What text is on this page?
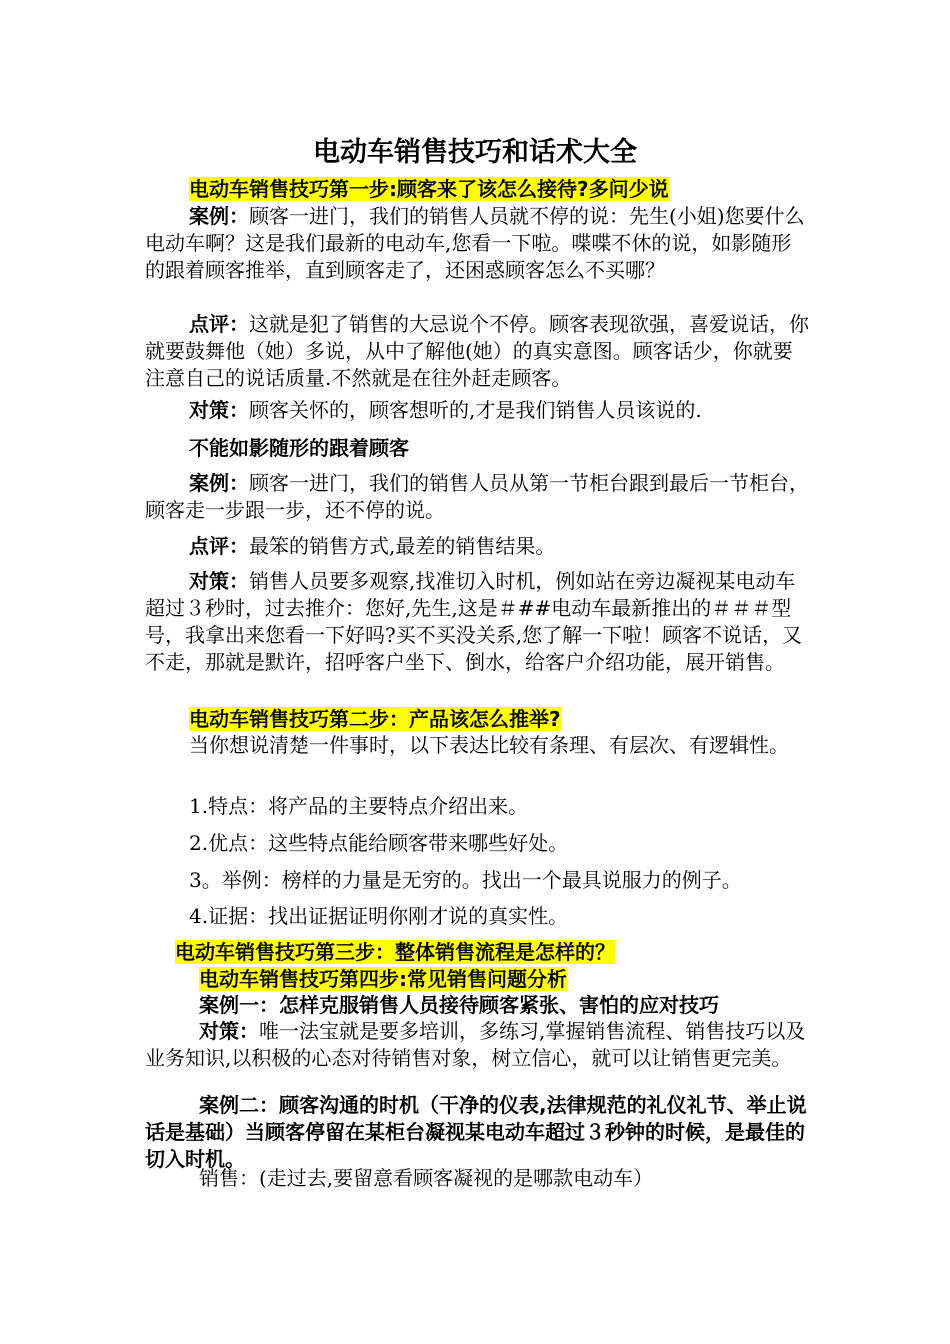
电动车销售技巧和话术大全
电动车销售技巧第一步:顾客来了该怎么接待?多问少说
案例：顾客一进门，我们的销售人员就不停的说：先生(小姐)您要什么电动车啊？这是我们最新的电动车,您看一下啦。喋喋不休的说，如影随形的跟着顾客推举，直到顾客走了，还困惑顾客怎么不买哪？
点评：这就是犯了销售的大忌说个不停。顾客表现欲强，喜爱说话，你就要鼓舞他（她）多说，从中了解他(她）的真实意图。顾客话少，你就要注意自己的说话质量.不然就是在往外赶走顾客。
对策：顾客关怀的，顾客想听的,才是我们销售人员该说的.
不能如影随形的跟着顾客
案例：顾客一进门，我们的销售人员从第一节柜台跟到最后一节柜台，顾客走一步跟一步，还不停的说。
点评：最笨的销售方式,最差的销售结果。
对策：销售人员要多观察,找准切入时机，例如站在旁边凝视某电动车超过３秒时，过去推介：您好,先生,这是＃##电动车最新推出的＃＃＃型号，我拿出来您看一下好吗?买不买没关系,您了解一下啦！顾客不说话，又不走，那就是默许，招呼客户坐下、倒水，给客户介绍功能，展开销售。
电动车销售技巧第二步：产品该怎么推举?
当你想说清楚一件事时，以下表达比较有条理、有层次、有逻辑性。
1.特点：将产品的主要特点介绍出来。
2.优点：这些特点能给顾客带来哪些好处。
3。举例：榜样的力量是无穷的。找出一个最具说服力的例子。
4.证据：找出证据证明你刚才说的真实性。
电动车销售技巧第三步：整体销售流程是怎样的？
电动车销售技巧第四步:常见销售问题分析
案例一：怎样克服销售人员接待顾客紧张、害怕的应对技巧
对策：唯一法宝就是要多培训，多练习,掌握销售流程、销售技巧以及业务知识,以积极的心态对待销售对象，树立信心，就可以让销售更完美。
案例二：顾客沟通的时机（干净的仪表,法律规范的礼仪礼节、举止说话是基础）当顾客停留在某柜台凝视某电动车超过３秒钟的时候，是最佳的切入时机。
销售：(走过去,要留意看顾客凝视的是哪款电动车）
